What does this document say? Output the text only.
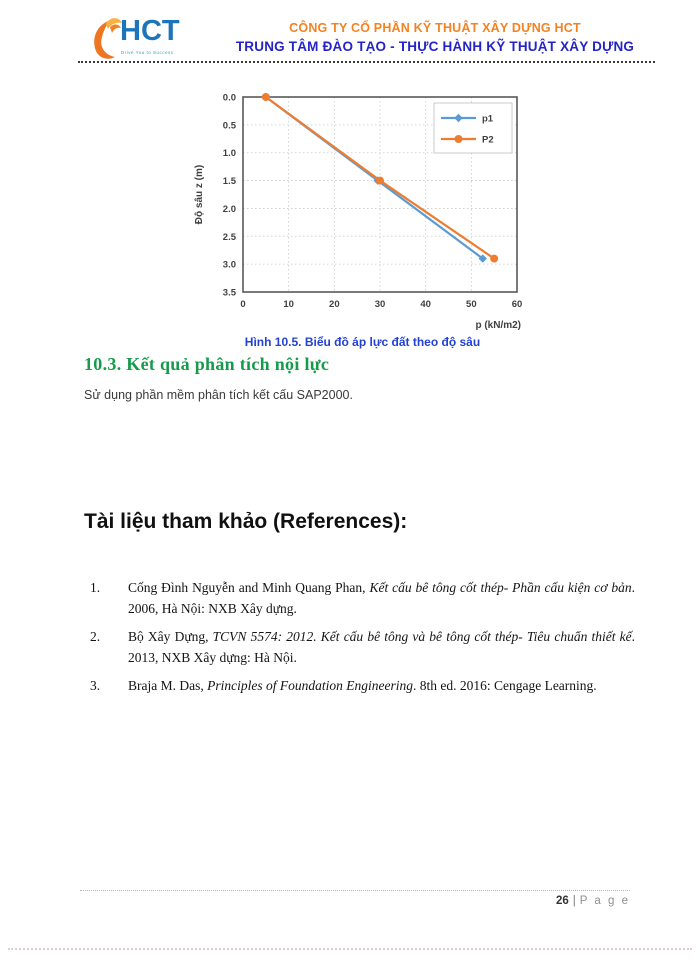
HCT
Drive You to Success
CÔNG TY CỔ PHẦN KỸ THUẬT XÂY DỰNG HCT
TRUNG TÂM ĐÀO TẠO - THỰC HÀNH KỸ THUẬT XÂY DỰNG
0.0
0.5
1.0
1.5
2.0
2.5
3.0
3.5
0	10	20	30	40	50	60
Độ sâu z (m)
p (kN/m2)
p1
P2
Hình 10.5. Biểu đồ áp lực đất theo độ sâu
10.3. Kết quả phân tích nội lực
Sử dụng phần mềm phân tích kết cấu SAP2000.
Tài liệu tham khảo (References):
1.	Cống Đình Nguyễn and Minh Quang Phan, Kết cấu bê tông cốt thép- Phần cấu kiện cơ bản. 2006, Hà Nội: NXB Xây dựng.
2.	Bộ Xây Dựng, TCVN 5574: 2012. Kết cấu bê tông và bê tông cốt thép- Tiêu chuẩn thiết kế. 2013, NXB Xây dựng: Hà Nội.
3.	Braja M. Das, Principles of Foundation Engineering. 8th ed. 2016: Cengage Learning.
26 | P a g e
